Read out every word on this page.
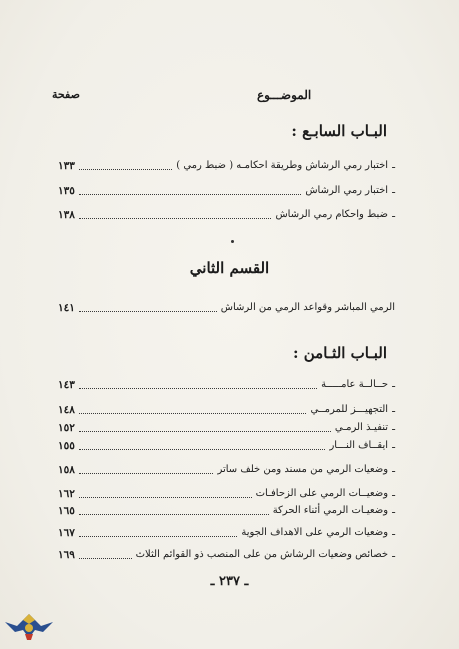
الموضـــوع
صفحة
البـاب السابـع :
ـ
اختبار رمي الرشاش وطريقة احكامـه ( ضبط رمي )
١٣٣
ـ
اختبار رمي الرشاش
١٣٥
ـ
ضبط واحكام رمي الرشاش
١٣٨
القسم الثاني
الرمي المباشر وقواعد الرمي من الرشاش
١٤١
البـاب الثـامن :
ـ
حــالــة عامـــــة
١٤٣
ـ
التجهيـــز للمرمــي
١٤٨
ـ
تنفيـذ الرمـي
١٥٢
ـ
ايقــاف النـــار
١٥٥
ـ
وضعيات الرمي من مسند ومن خلف ساتر
١٥٨
ـ
وضعيــات الرمي على الزحافـات
١٦٢
ـ
وضعيـات الرمي أثناء الحركة
١٦٥
ـ
وضعيات الرمي على الاهداف الجوية
١٦٧
ـ
خصائص وضعيات الرشاش من على المنصب ذو القوائم الثلاث
١٦٩
ـ ٢٣٧ ـ
